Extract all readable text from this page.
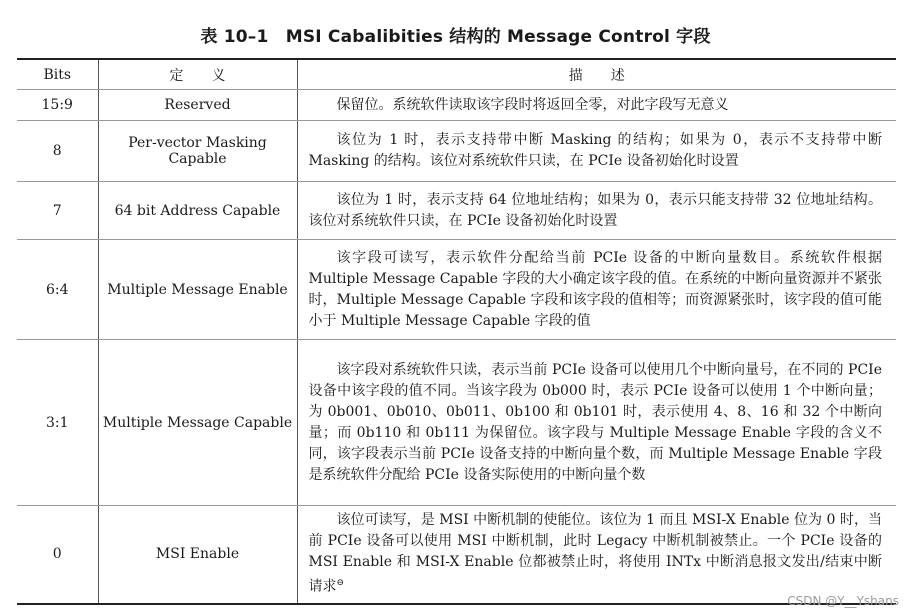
表 10–1　MSI Cabalibities 结构的 Message Control 字段
Bits	定　　义	描　　述
15:9	Reserved	保留位。系统软件读取该字段时将返回全零，对此字段写无意义

8	Per-vector Masking Capable	该位为 1 时，表示支持带中断 Masking 的结构；如果为 0，表示不支持带中断 Masking 的结构。该位对系统软件只读，在 PCIe 设备初始化时设置

7	64 bit Address Capable	该位为 1 时，表示支持 64 位地址结构；如果为 0，表示只能支持带 32 位地址结构。该位对系统软件只读，在 PCIe 设备初始化时设置

6:4	Multiple Message Enable	该字段可读写，表示软件分配给当前 PCIe 设备的中断向量数目。系统软件根据 Multiple Message Capable 字段的大小确定该字段的值。在系统的中断向量资源并不紧张时，Multiple Message Capable 字段和该字段的值相等；而资源紧张时，该字段的值可能小于 Multiple Message Capable 字段的值

3:1	Multiple Message Capable	该字段对系统软件只读，表示当前 PCIe 设备可以使用几个中断向量号，在不同的 PCIe 设备中该字段的值不同。当该字段为 0b000 时，表示 PCIe 设备可以使用 1 个中断向量；为 0b001、0b010、0b011、0b100 和 0b101 时，表示使用 4、8、16 和 32 个中断向量；而 0b110 和 0b111 为保留位。该字段与 Multiple Message Enable 字段的含义不同，该字段表示当前 PCIe 设备支持的中断向量个数，而 Multiple Message Enable 字段是系统软件分配给 PCIe 设备实际使用的中断向量个数

0	MSI Enable	该位可读写，是 MSI 中断机制的使能位。该位为 1 而且 MSI-X Enable 位为 0 时，当前 PCIe 设备可以使用 MSI 中断机制，此时 Legacy 中断机制被禁止。一个 PCIe 设备的 MSI Enable 和 MSI-X Enable 位都被禁止时，将使用 INTx 中断消息报文发出/结束中断请求⊖
CSDN @Y__Yshans
